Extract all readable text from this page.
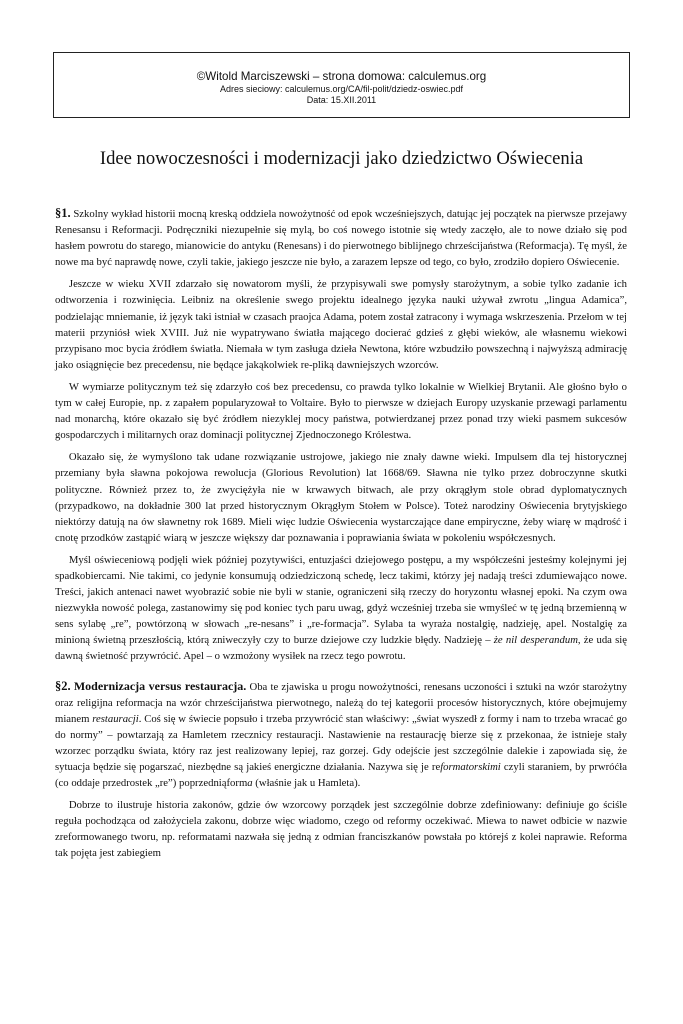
©Witold Marciszewski – strona domowa: calculemus.org
Adres sieciowy: calculemus.org/CA/fil-polit/dziedz-oswiec.pdf
Data: 15.XII.2011
Idee nowoczesności i modernizacji jako dziedzictwo Oświecenia

§1. Szkolny wykład historii mocną kreską oddziela nowożytność od epok wcześniejszych, datując jej początek na pierwsze przejawy Renesansu i Reformacji. Podręczniki niezupełnie się mylą, bo coś nowego istotnie się wtedy zaczęło, ale to nowe działo się pod hasłem powrotu do starego, mianowicie do antyku (Renesans) i do pierwotnego biblijnego chrześcijaństwa (Reformacja). Tę myśl, że nowe ma być naprawdę nowe, czyli takie, jakiego jeszcze nie było, a zarazem lepsze od tego, co było, zrodziło dopiero Oświecenie.

Jeszcze w wieku XVII zdarzało się nowatorom myśli, że przypisywali swe pomysły starożytnym, a sobie tylko zadanie ich odtworzenia i rozwinięcia. Leibniz na określenie swego projektu idealnego języka nauki używał zwrotu „lingua Adamica”, podzielając mniemanie, iż język taki istniał w czasach praojca Adama, potem został zatracony i wymaga wskrzeszenia. Przełom w tej materii przyniósł wiek XVIII. Już nie wypatrywano światła mającego docierać gdzieś z głębi wieków, ale własnemu wiekowi przypisano moc bycia źródłem światła. Niemała w tym zasługa dzieła Newtona, które wzbudziło powszechną i najwyższą admirację jako osiągnięcie bez precedensu, nie będące jakąkolwiek re-pliką dawniejszych wzorców.

W wymiarze politycznym też się zdarzyło coś bez precedensu, co prawda tylko lokalnie w Wielkiej Brytanii. Ale głośno było o tym w całej Europie, np. z zapałem popularyzował to Voltaire. Było to pierwsze w dziejach Europy uzyskanie przewagi parlamentu nad monarchą, które okazało się być źródłem niezyklej mocy państwa, potwierdzanej przez ponad trzy wieki pasmem sukcesów gospodarczych i militarnych oraz dominacji politycznej Zjednoczonego Królestwa.

Okazało się, że wymyślono tak udane rozwiązanie ustrojowe, jakiego nie znały dawne wieki. Impulsem dla tej historycznej przemiany była sławna pokojowa rewolucja (Glorious Revolution) lat 1668/69. Sławna nie tylko przez dobroczynne skutki polityczne. Również przez to, że zwyciężyła nie w krwawych bitwach, ale przy okrągłym stole obrad dyplomatycznych (przypadkowo, na dokładnie 300 lat przed historycznym Okrągłym Stołem w Polsce). Toteż narodziny Oświecenia brytyjskiego niektórzy datują na ów sławnetny rok 1689. Mieli więc ludzie Oświecenia wystarczające dane empiryczne, żeby wiarę w mądrość i cnotę przodków zastąpić wiarą w jeszcze większy dar poznawania i poprawiania świata w pokoleniu współczesnych.

Myśl oświeceniową podjęli wiek później pozytywiści, entuzjaści dziejowego postępu, a my współcześni jesteśmy kolejnymi jej spadkobiercami. Nie takimi, co jedynie konsumują odziedziczoną schedę, lecz takimi, którzy jej nadają treści zdumiewająco nowe. Treści, jakich antenaci nawet wyobrazić sobie nie byli w stanie, ograniczeni siłą rzeczy do horyzontu własnej epoki. Na czym owa niezwykła nowość polega, zastanowimy się pod koniec tych paru uwag, gdyż wcześniej trzeba sie wmyśleć w tę jedną brzemienną w sens sylabę „re”, powtórzoną w słowach „re-nesans” i „re-formacja”. Sylaba ta wyraża nostalgię, nadzieję, apel. Nostalgię za minioną świetną przeszłością, którą zniweczyły czy to burze dziejowe czy ludzkie błędy. Nadzieję – że nil desperandum, że uda się dawną świetność przywrócić. Apel – o wzmożony wysiłek na rzecz tego powrotu.

§2. Modernizacja versus restauracja. Oba te zjawiska u progu nowożytności, renesans uczoności i sztuki na wzór starożytny oraz religijna reformacja na wzór chrześcijaństwa pierwotnego, należą do tej kategorii procesów historycznych, które obejmujemy mianem restauracji. Coś się w świecie popsuło i trzeba przywrócić stan właściwy: „świat wyszedł z formy i nam to trzeba wracać go do normy” – powtarzają za Hamletem rzecznicy restauracji. Nastawienie na restaurację bierze się z przekonaa, że istnieje stały wzorzec porządku świata, który raz jest realizowany lepiej, raz gorzej. Gdy odejście jest szczególnie dalekie i zapowiada się, że sytuacja będzie się pogarszać, niezbędne są jakieś energiczne działania. Nazywa się je reformatorskimi czyli staraniem, by prwróćła (co oddaje przedrostek „re”) poprzedniąforma (właśnie jak u Hamleta).

Dobrze to ilustruje historia zakonów, gdzie ów wzorcowy porządek jest szczególnie dobrze zdefiniowany: definiuje go ściśle reguła pochodząca od założyciela zakonu, dobrze więc wiadomo, czego od reformy oczekiwać. Miewa to nawet odbicie w nazwie zreformowanego tworu, np. reformatami nazwała się jedną z odmian franciszkanów powstała po którejś z kolei naprawie. Reforma tak pojęta jest zabiegiem
